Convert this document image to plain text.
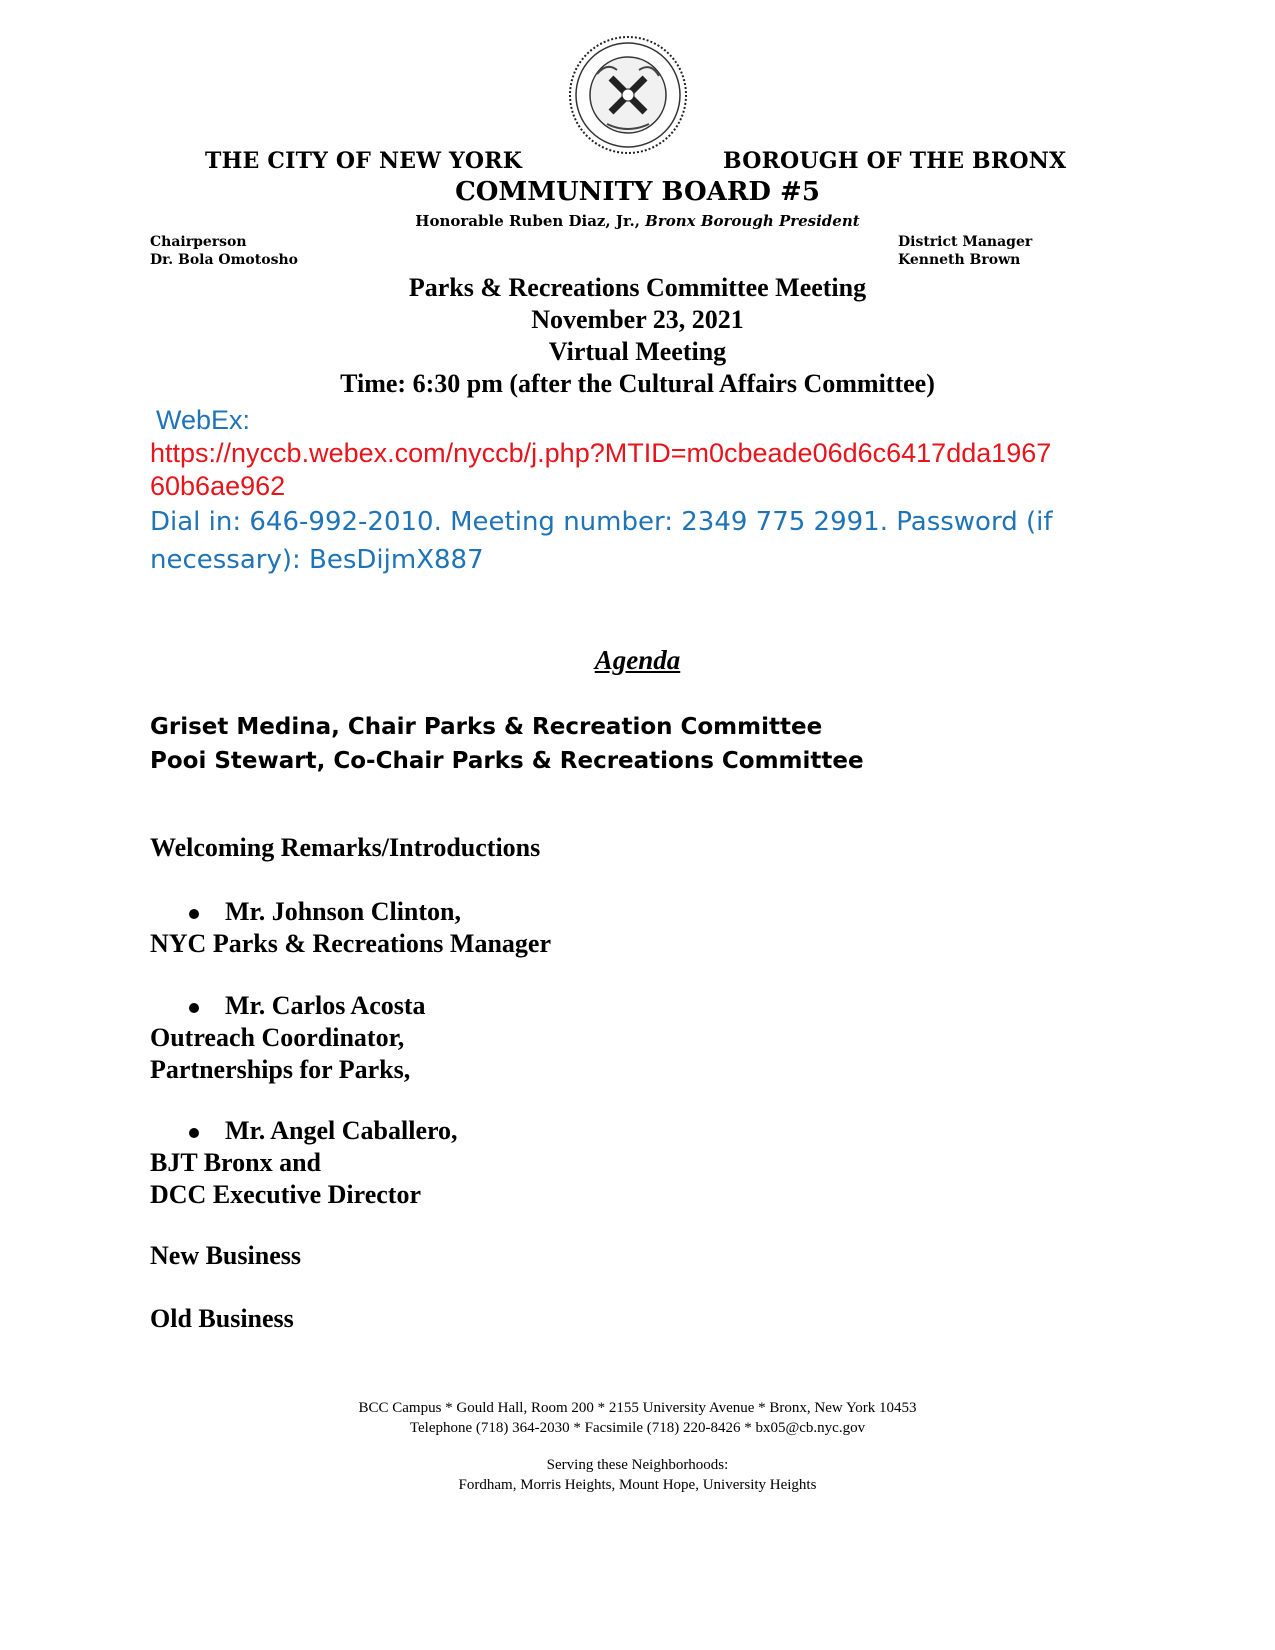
THE CITY OF NEW YORK	BOROUGH OF THE BRONX
COMMUNITY BOARD #5
Honorable Ruben Diaz, Jr., Bronx Borough President
Chairperson
Dr. Bola Omotosho
District Manager
Kenneth Brown
Parks & Recreations Committee Meeting
November 23, 2021
Virtual Meeting
Time: 6:30 pm (after the Cultural Affairs Committee)
WebEx:
https://nyccb.webex.com/nyccb/j.php?MTID=m0cbeade06d6c6417dda1967
60b6ae962
Dial in: 646-992-2010. Meeting number: 2349 775 2991. Password (if
necessary): BesDijmX887
Agenda
Griset Medina, Chair Parks & Recreation Committee
Pooi Stewart, Co-Chair Parks & Recreations Committee
Welcoming Remarks/Introductions
Mr. Johnson Clinton,
NYC Parks & Recreations Manager
Mr. Carlos Acosta
Outreach Coordinator,
Partnerships for Parks,
Mr. Angel Caballero,
BJT Bronx and
DCC Executive Director
New Business
Old Business
BCC Campus * Gould Hall, Room 200 * 2155 University Avenue * Bronx, New York 10453
Telephone (718) 364-2030 * Facsimile (718) 220-8426 * bx05@cb.nyc.gov
Serving these Neighborhoods:
Fordham, Morris Heights, Mount Hope, University Heights
